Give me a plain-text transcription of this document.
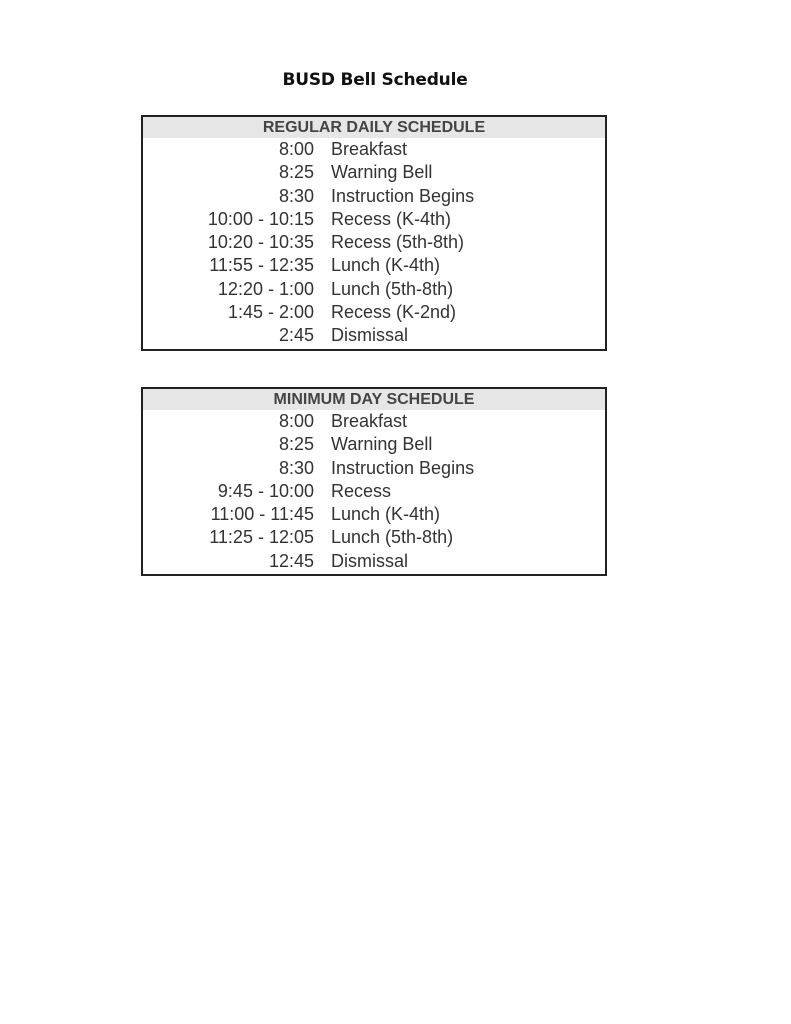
BUSD Bell Schedule
REGULAR DAILY SCHEDULE
8:00 Breakfast
8:25 Warning Bell
8:30 Instruction Begins
10:00 - 10:15 Recess (K-4th)
10:20 - 10:35 Recess (5th-8th)
11:55 - 12:35 Lunch (K-4th)
12:20 - 1:00 Lunch (5th-8th)
1:45 - 2:00 Recess (K-2nd)
2:45 Dismissal
MINIMUM DAY SCHEDULE
8:00 Breakfast
8:25 Warning Bell
8:30 Instruction Begins
9:45 - 10:00 Recess
11:00 - 11:45 Lunch (K-4th)
11:25 - 12:05 Lunch (5th-8th)
12:45 Dismissal
